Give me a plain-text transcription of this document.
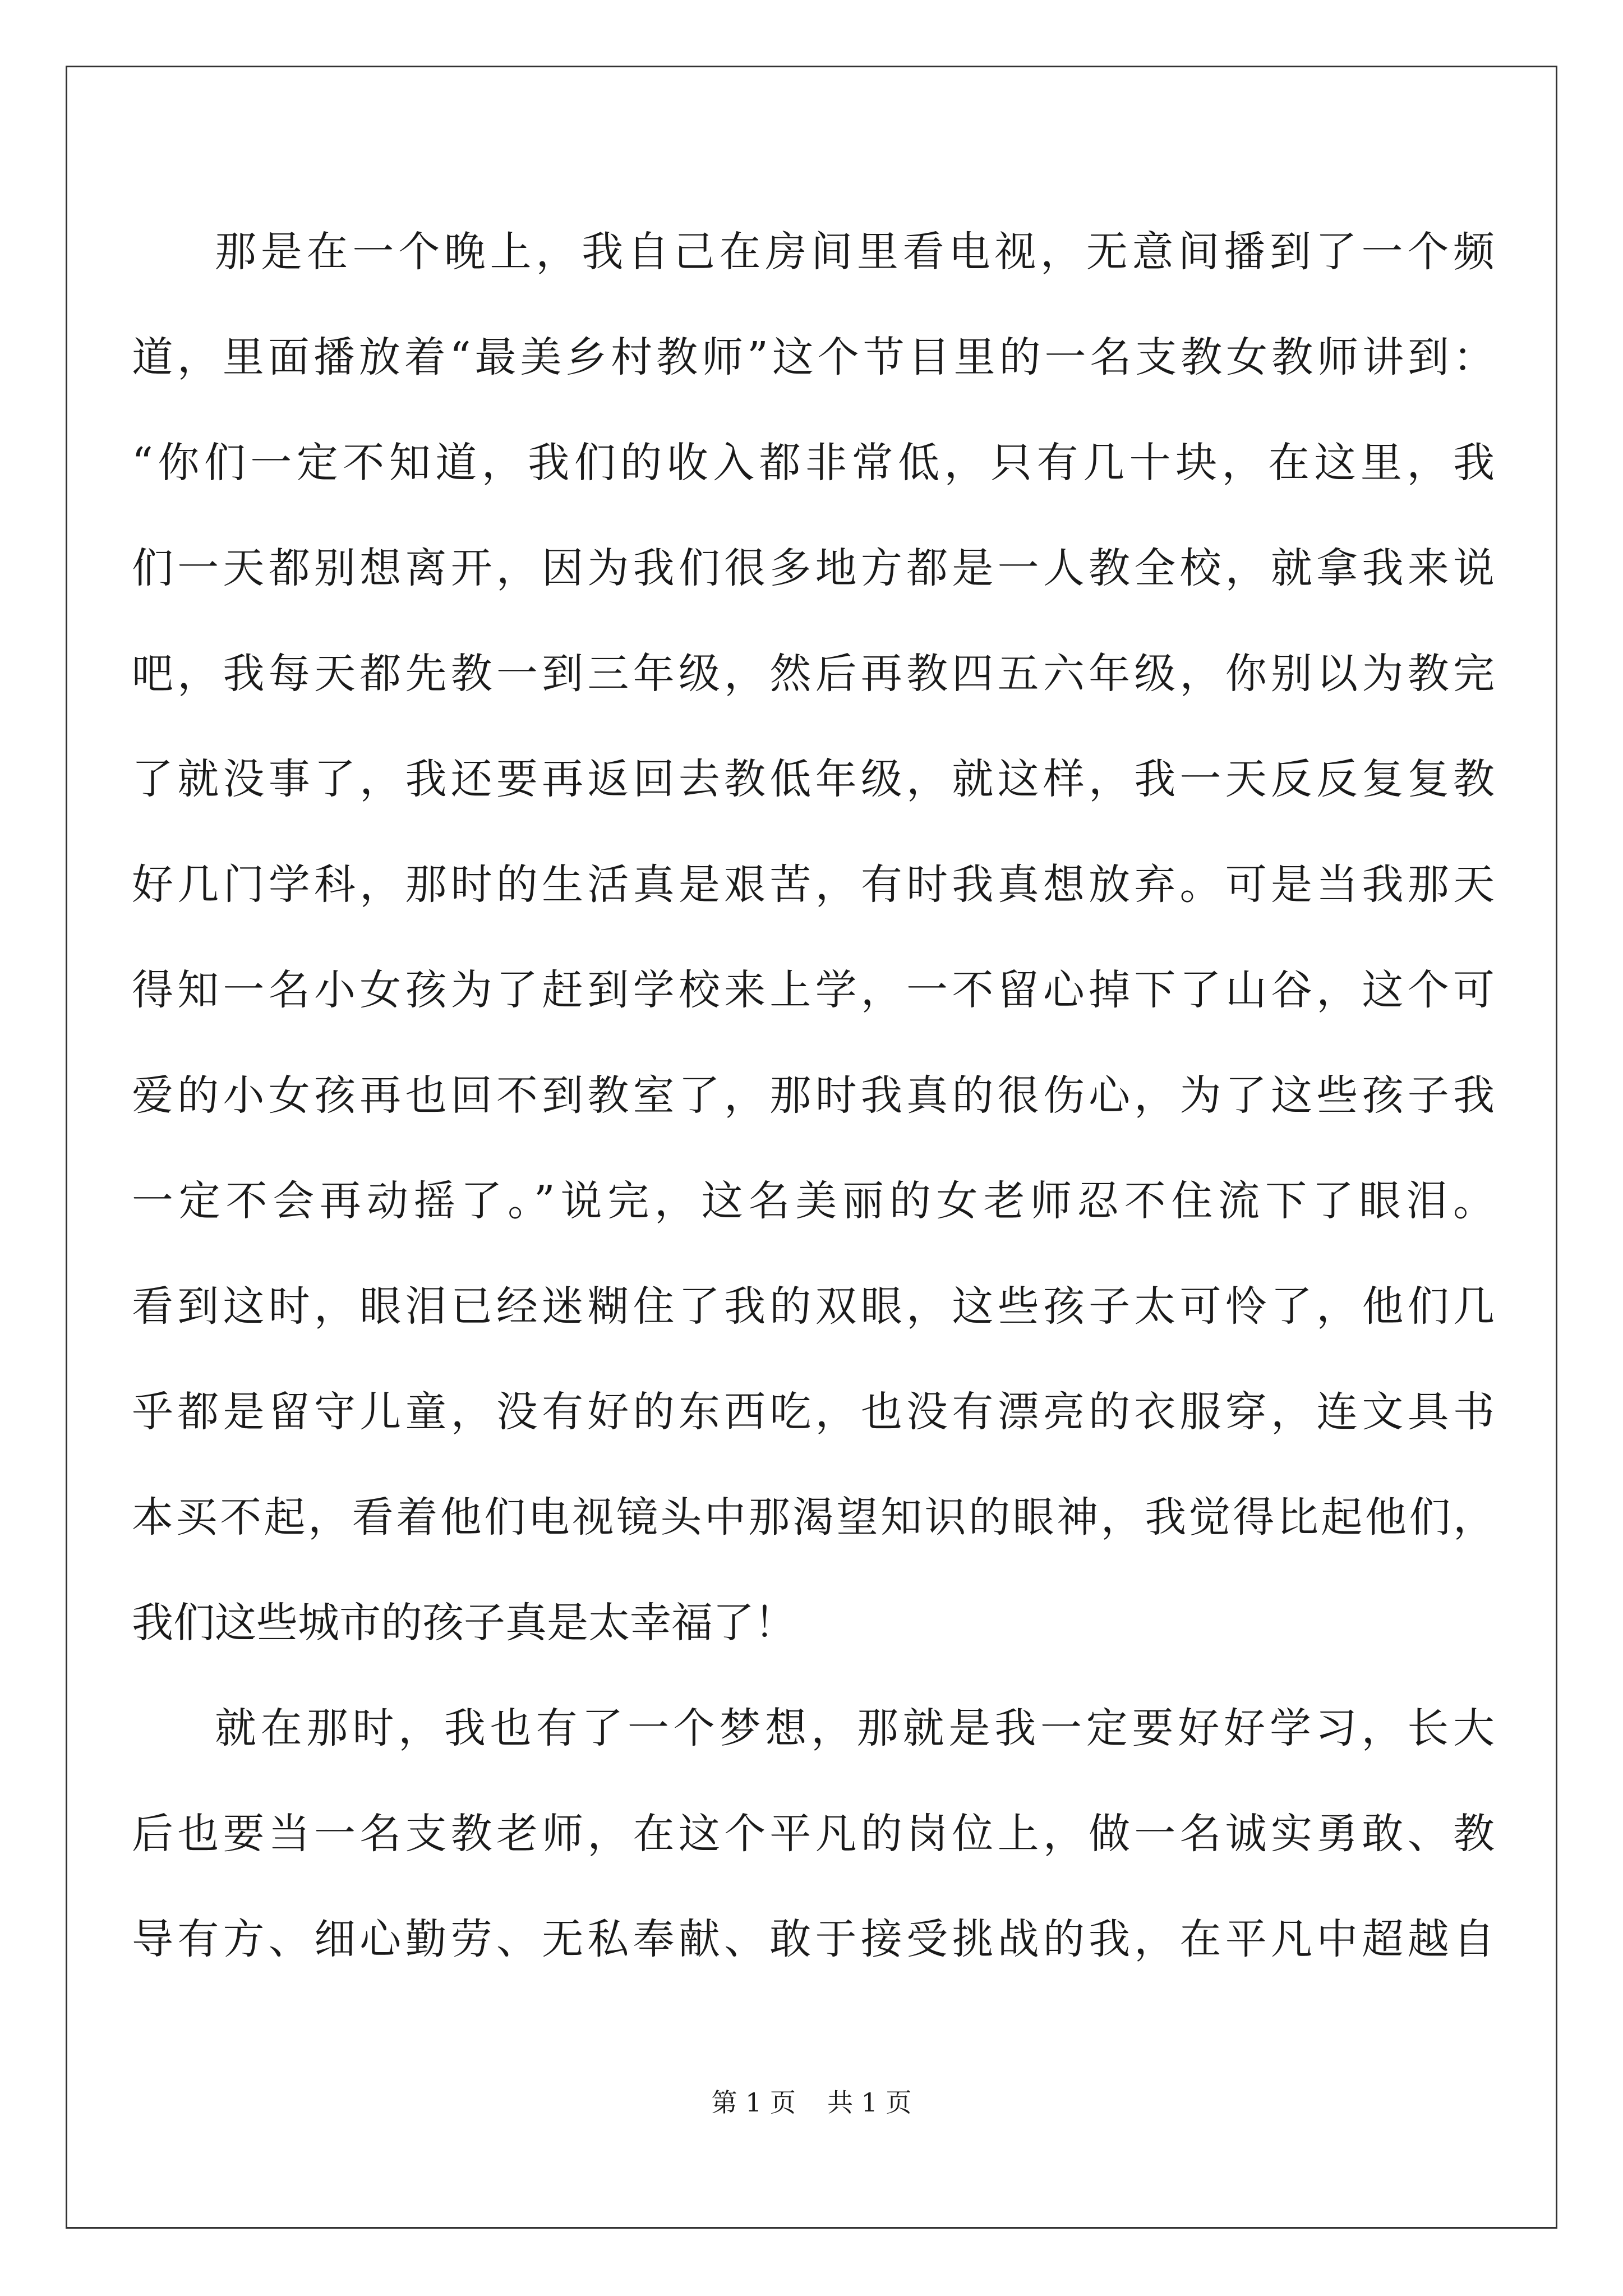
那是在一个晚上，我自己在房间里看电视，无意间播到了一个频
道，里面播放着“最美乡村教师”这个节目里的一名支教女教师讲到：
“你们一定不知道，我们的收入都非常低，只有几十块，在这里，我
们一天都别想离开，因为我们很多地方都是一人教全校，就拿我来说
吧，我每天都先教一到三年级，然后再教四五六年级，你别以为教完
了就没事了，我还要再返回去教低年级，就这样，我一天反反复复教
好几门学科，那时的生活真是艰苦，有时我真想放弃。可是当我那天
得知一名小女孩为了赶到学校来上学，一不留心掉下了山谷，这个可
爱的小女孩再也回不到教室了，那时我真的很伤心，为了这些孩子我
一定不会再动摇了。”说完，这名美丽的女老师忍不住流下了眼泪。
看到这时，眼泪已经迷糊住了我的双眼，这些孩子太可怜了，他们几
乎都是留守儿童，没有好的东西吃，也没有漂亮的衣服穿，连文具书
本买不起，看着他们电视镜头中那渴望知识的眼神，我觉得比起他们，
我们这些城市的孩子真是太幸福了！
就在那时，我也有了一个梦想，那就是我一定要好好学习，长大
后也要当一名支教老师，在这个平凡的岗位上，做一名诚实勇敢、教
导有方、细心勤劳、无私奉献、敢于接受挑战的我，在平凡中超越自
第 1 页 共 1 页
